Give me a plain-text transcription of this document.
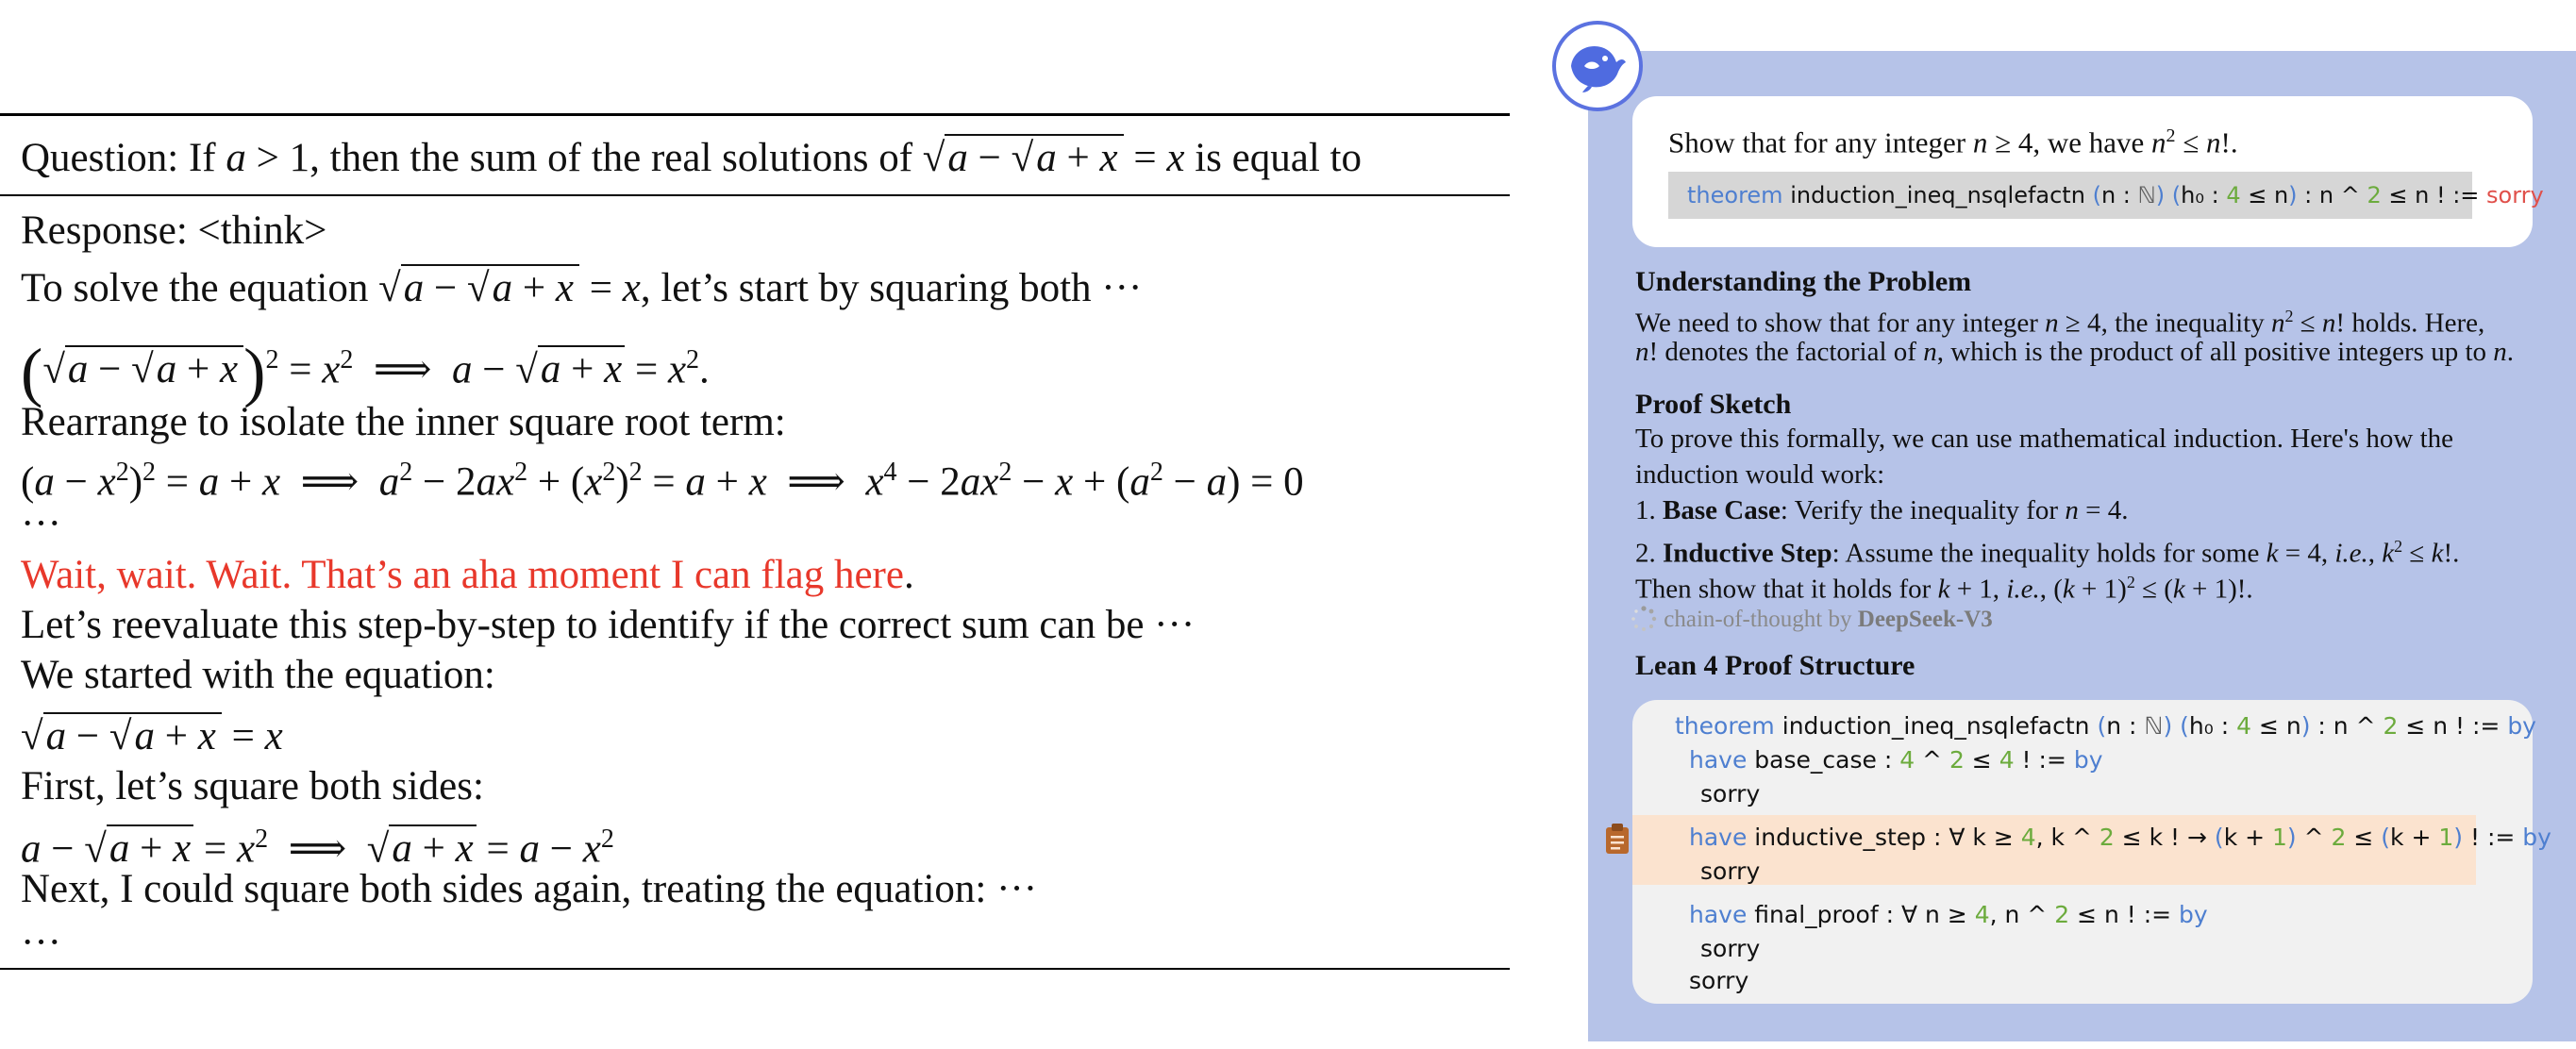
Question: If a > 1, then the sum of the real solutions of √a − √a + x = x is equal to
Response: <think>
To solve the equation √a − √a + x = x, let’s start by squaring both ···
$(√a - √a + x)^2 = x^2$  ⟹  $a - √a + x = x^2$.
Rearrange to isolate the inner square root term:
$(a - x^2)^2 = a + x$  ⟹  $a^2 - 2ax^2 + (x^2)^2 = a + x$  ⟹  $x^4 - 2ax^2 - x + (a^2 - a) = 0$
···
Wait, wait. Wait. That’s an aha moment I can flag here.
Let’s reevaluate this step-by-step to identify if the correct sum can be ···
We started with the equation:
√a − √a + x = x
First, let’s square both sides:
$a - √a + x = x^2$  ⟹  $√a + x = a - x^2$
Next, I could square both sides again, treating the equation: ···
···
Show that for any integer n ≥ 4, we have $n^2 \le n$!.
theorem induction_ineq_nsqlefactn (n : ℕ) (h₀ : 4 ≤ n) : n ^ 2 ≤ n ! := sorry
Understanding the Problem
We need to show that for any integer n ≥ 4, the inequality $n^2 \le n$! holds. Here,
n! denotes the factorial of n, which is the product of all positive integers up to n.
Proof Sketch
To prove this formally, we can use mathematical induction. Here's how the
induction would work:
1. Base Case: Verify the inequality for n = 4.
2. Inductive Step: Assume the inequality holds for some k = 4, i.e., $k^2 \le k$!.
Then show that it holds for k + 1, i.e., $(k + 1)^2 \le (k + 1)$!.
chain-of-thought by DeepSeek-V3
Lean 4 Proof Structure
theorem induction_ineq_nsqlefactn (n : ℕ) (h₀ : 4 ≤ n) : n ^ 2 ≤ n ! := by
have base_case : 4 ^ 2 ≤ 4 ! := by
sorry
have inductive_step : ∀ k ≥ 4, k ^ 2 ≤ k ! → (k + 1) ^ 2 ≤ (k + 1) ! := by
sorry
have final_proof : ∀ n ≥ 4, n ^ 2 ≤ n ! := by
sorry
sorry
